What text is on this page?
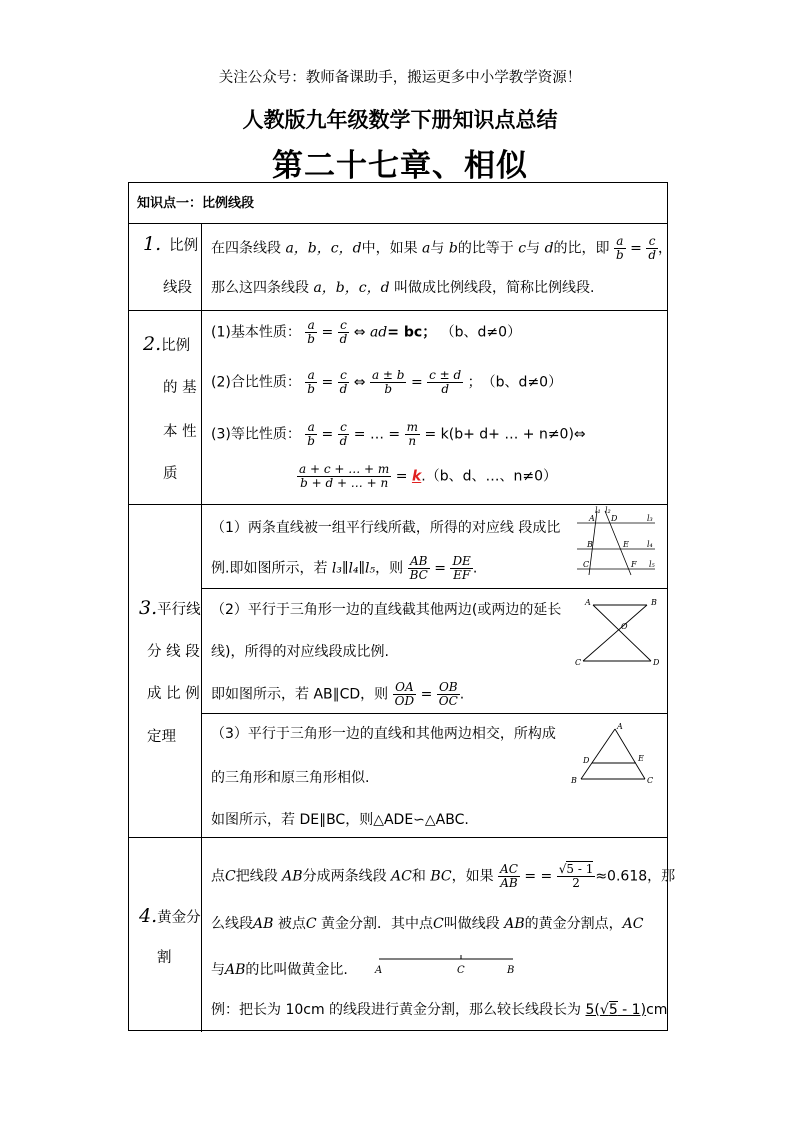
关注公众号：教师备课助手，搬运更多中小学教学资源！
人教版九年级数学下册知识点总结
第二十七章、相似
知识点一：比例线段
1. 比例
线段
在四条线段 a，b，c，d中，如果 a与 b的比等于 c与 d的比，即 $\frac{a}{b} = \frac{c}{d}$ ，
那么这四条线段 a，b，c，d 叫做成比例线段，简称比例线段.
2.比例
的 基
本 性
质
(1)基本性质： $\frac{a}{b} = \frac{c}{d}$ ⇔ ad= bc； （b、d≠0）
(2)合比性质： $\frac{a}{b} = \frac{c}{d}$ ⇔ $\frac{a \pm b}{b} = \frac{c \pm d}{d}$ ；　（b、d≠0）
(3)等比性质： $\frac{a}{b} = \frac{c}{d}$ = … = $\frac{m}{n} = k(b+ d+$ … + n≠0)⇔
$\frac{a + c + \dots + m}{b + d + \dots + n} = k.(b$、d、…、n≠0）
3.平行线
分 线 段
成 比 例
定理
（1）两条直线被一组平行线所截，所得的对应线 段成比
例.即如图所示，若 l₃∥l₄∥l₅，则 $\frac{AB}{BC} = \frac{DE}{EF}$ .
l₁ l₂
l₃
l₄
l₅
A
B
C
D
E
F
（2）平行于三角形一边的直线截其他两边(或两边的延长
线)，所得的对应线段成比例.
即如图所示，若 AB∥CD，则 $\frac{OA}{OD} = \frac{OB}{OC}$ .
A	B
O
C	D
（3）平行于三角形一边的直线和其他两边相交，所构成
的三角形和原三角形相似.
如图所示，若 DE∥BC，则△ADE∽△ABC.
A
D	E
B	C
4.黄金分
割
点C把线段 AB分成两条线段 AC和 BC，如果 $\frac{AC}{AB}$ = = $\frac{√5 - 1}{2} \approx 0.618$，那
么线段AB 被点C 黄金分割．其中点C叫做线段 AB的黄金分割点，AC
与AB的比叫做黄金比.	A	C	B
例：把长为 10cm 的线段进行黄金分割，那么较长线段长为 5(√5 - 1)cm
